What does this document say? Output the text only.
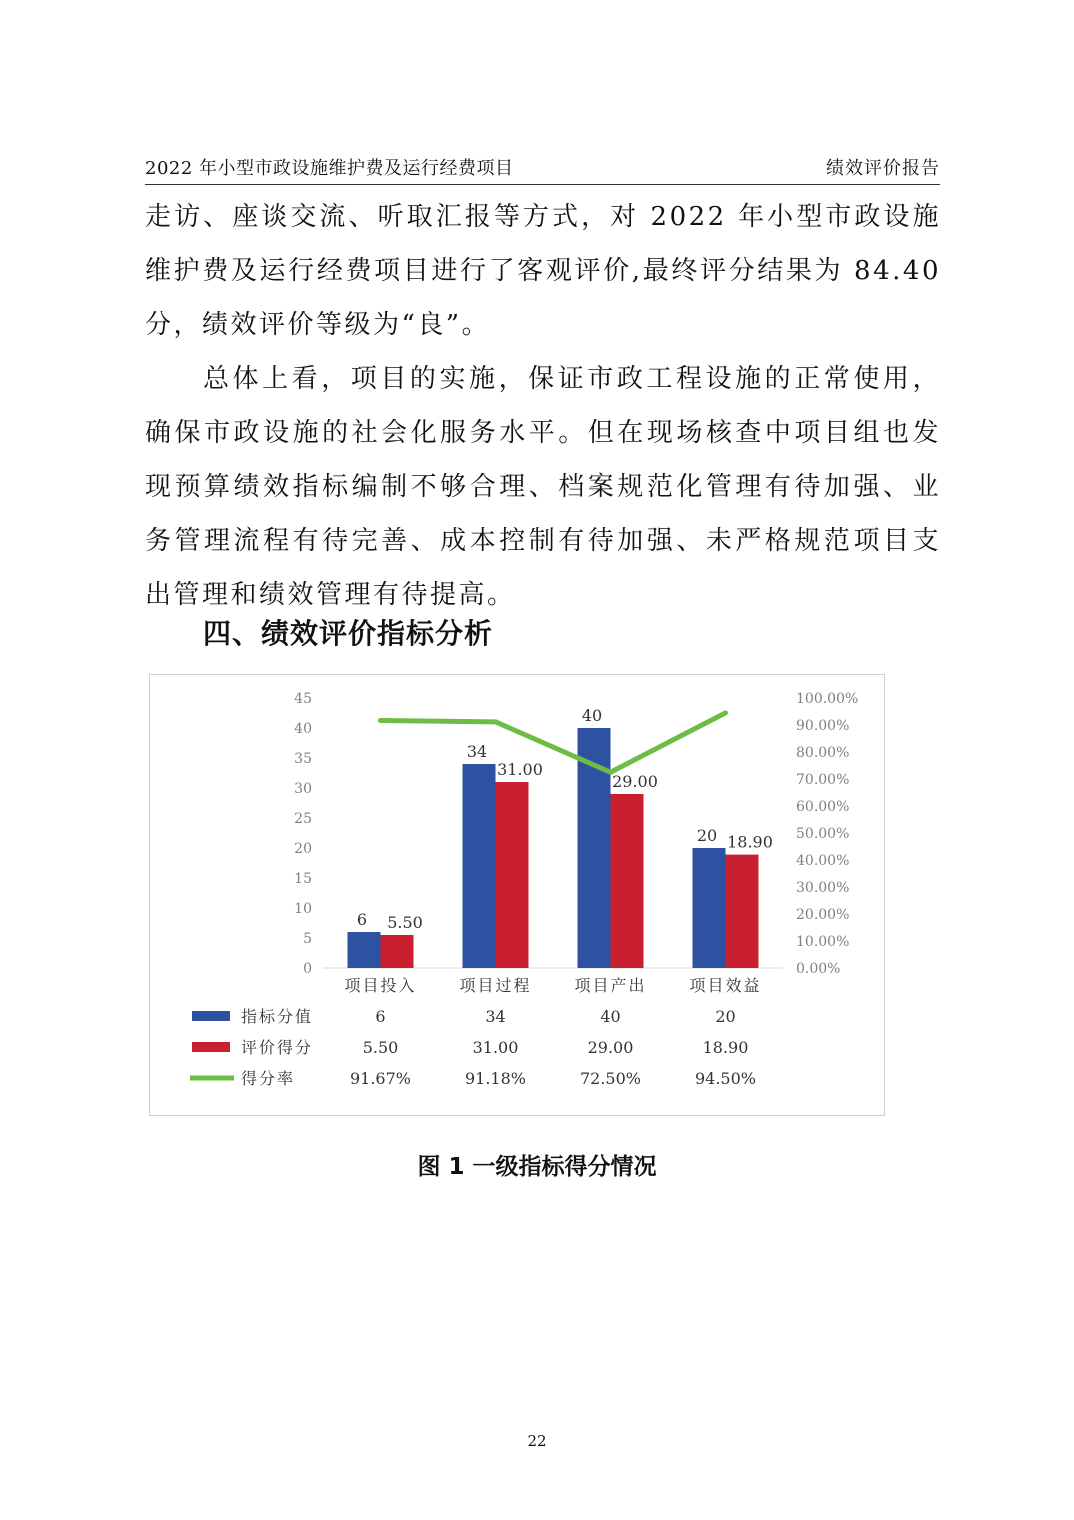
2022 年小型市政设施维护费及运行经费项目	绩效评价报告

走访、座谈交流、听取汇报等方式，对 2022 年小型市政设施维护费及运行经费项目进行了客观评价,最终评分结果为 84.40 分，绩效评价等级为“良”。

总体上看，项目的实施，保证市政工程设施的正常使用，确保市政设施的社会化服务水平。但在现场核查中项目组也发现预算绩效指标编制不够合理、档案规范化管理有待加强、业务管理流程有待完善、成本控制有待加强、未严格规范项目支出管理和绩效管理有待提高。

四、绩效评价指标分析
0
5
10
15
20
25
30
35
40
45
0.00%
10.00%
20.00%
30.00%
40.00%
50.00%
60.00%
70.00%
80.00%
90.00%
100.00%
6 5.50
34
31.00
40
29.00
20 18.90
项目投入	项目过程	项目产出	项目效益
指标分值	6	34	40	20
评价得分	5.50	31.00	29.00	18.90
得分率	91.67%	91.18%	72.50%	94.50%
图 1 一级指标得分情况
22
